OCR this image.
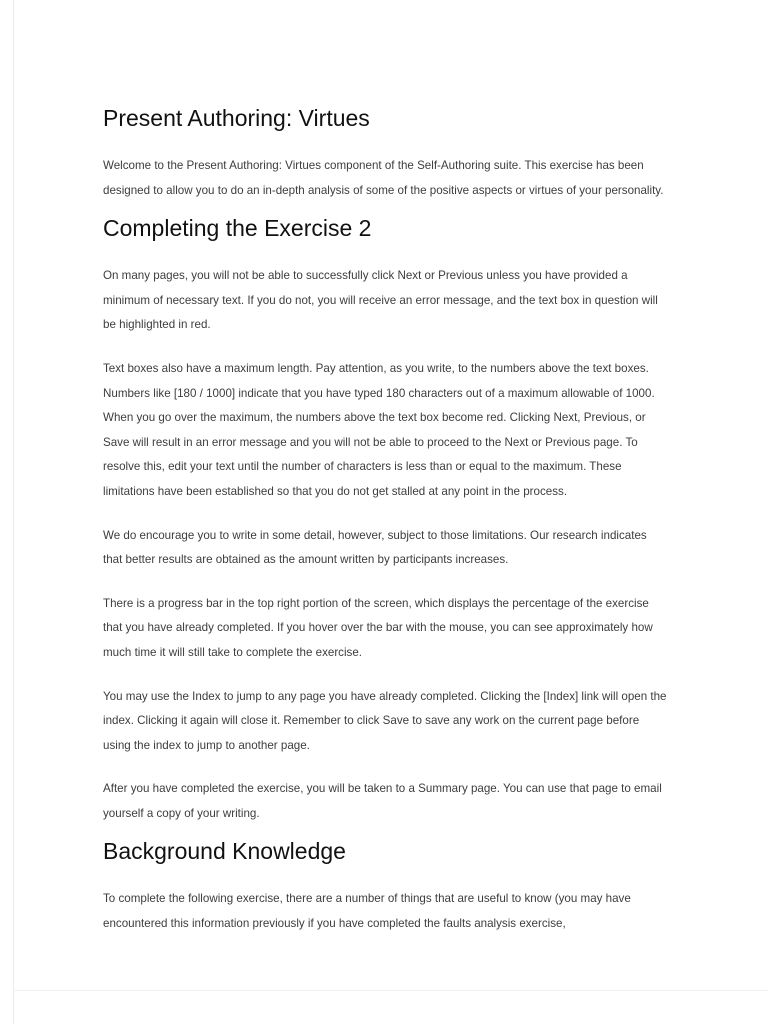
Present Authoring: Virtues

Welcome to the Present Authoring: Virtues component of the Self-Authoring suite. This exercise has been designed to allow you to do an in-depth analysis of some of the positive aspects or virtues of your personality.

Completing the Exercise 2

On many pages, you will not be able to successfully click Next or Previous unless you have provided a minimum of necessary text. If you do not, you will receive an error message, and the text box in question will be highlighted in red.

Text boxes also have a maximum length. Pay attention, as you write, to the numbers above the text boxes. Numbers like [180 / 1000] indicate that you have typed 180 characters out of a maximum allowable of 1000. When you go over the maximum, the numbers above the text box become red. Clicking Next, Previous, or Save will result in an error message and you will not be able to proceed to the Next or Previous page. To resolve this, edit your text until the number of characters is less than or equal to the maximum. These limitations have been established so that you do not get stalled at any point in the process.

We do encourage you to write in some detail, however, subject to those limitations. Our research indicates that better results are obtained as the amount written by participants increases.

There is a progress bar in the top right portion of the screen, which displays the percentage of the exercise that you have already completed. If you hover over the bar with the mouse, you can see approximately how much time it will still take to complete the exercise.

You may use the Index to jump to any page you have already completed. Clicking the [Index] link will open the index. Clicking it again will close it. Remember to click Save to save any work on the current page before using the index to jump to another page.

After you have completed the exercise, you will be taken to a Summary page. You can use that page to email yourself a copy of your writing.

Background Knowledge

To complete the following exercise, there are a number of things that are useful to know (you may have encountered this information previously if you have completed the faults analysis exercise,
